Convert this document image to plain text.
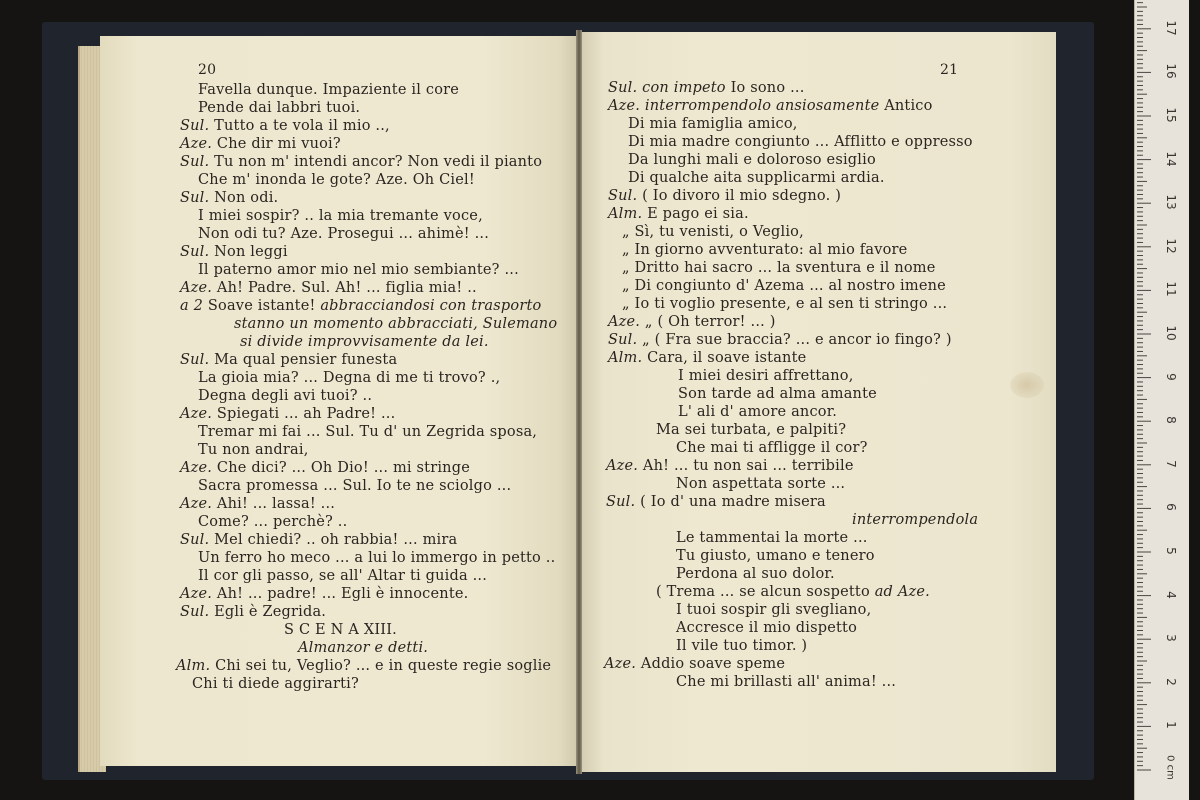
20	21
Favella dunque. Impaziente il core
Pende dai labbri tuoi.
Sul. Tutto a te vola il mio ..,
Aze. Che dir mi vuoi?
Sul. Tu non m' intendi ancor? Non vedi il pianto
Che m' inonda le gote? Aze. Oh Ciel!
Sul. Non odi.
I miei sospir? .. la mia tremante voce,
Non odi tu? Aze. Prosegui ... ahimè! ...
Sul. Non leggi
Il paterno amor mio nel mio sembiante? ...
Aze. Ah! Padre. Sul. Ah! ... figlia mia! ..
a 2 Soave istante! abbracciandosi con trasporto
stanno un momento abbracciati, Sulemano
si divide improvvisamente da lei.
Sul. Ma qual pensier funesta
La gioia mia? ... Degna di me ti trovo? .,
Degna degli avi tuoi? ..
Aze. Spiegati ... ah Padre! ...
Tremar mi fai ... Sul. Tu d' un Zegrida sposa,
Tu non andrai,
Aze. Che dici? ... Oh Dio! ... mi stringe
Sacra promessa ... Sul. Io te ne sciolgo ...
Aze. Ahi! ... lassa! ...
Come? ... perchè? ..
Sul. Mel chiedi? .. oh rabbia! ... mira
Un ferro ho meco ... a lui lo immergo in petto ..
Il cor gli passo, se all' Altar ti guida ...
Aze. Ah! ... padre! ... Egli è innocente.
Sul. Egli è Zegrida.
S C E N A XIII.
Almanzor e detti.
Alm. Chi sei tu, Veglio? ... e in queste regie soglie
Chi ti diede aggirarti?
Sul. con impeto Io sono ...
Aze. interrompendolo ansiosamente Antico
Di mia famiglia amico,
Di mia madre congiunto ... Afflitto e oppresso
Da lunghi mali e doloroso esiglio
Di qualche aita supplicarmi ardia.
Sul. ( Io divoro il mio sdegno. )
Alm. E pago ei sia.
„ Sì, tu venisti, o Veglio,
„ In giorno avventurato: al mio favore
„ Dritto hai sacro ... la sventura e il nome
„ Di congiunto d' Azema ... al nostro imene
„ Io ti voglio presente, e al sen ti stringo ...
Aze. „ ( Oh terror! ... )
Sul. „ ( Fra sue braccia? ... e ancor io fingo? )
Alm. Cara, il soave istante
I miei desiri affrettano,
Son tarde ad alma amante
L' ali d' amore ancor.
Ma sei turbata, e palpiti?
Che mai ti affligge il cor?
Aze. Ah! ... tu non sai ... terribile
Non aspettata sorte ...
Sul. ( Io d' una madre misera
interrompendola
Le tammentai la morte ...
Tu giusto, umano e tenero
Perdona al suo dolor.
( Trema ... se alcun sospetto ad Aze.
I tuoi sospir gli svegliano,
Accresce il mio dispetto
Il vile tuo timor. )
Aze. Addio soave speme
Che mi brillasti all' anima! ...
0 cm
1
2
3
4
5
6
7
8
9
10
11
12
13
14
15
16
17
